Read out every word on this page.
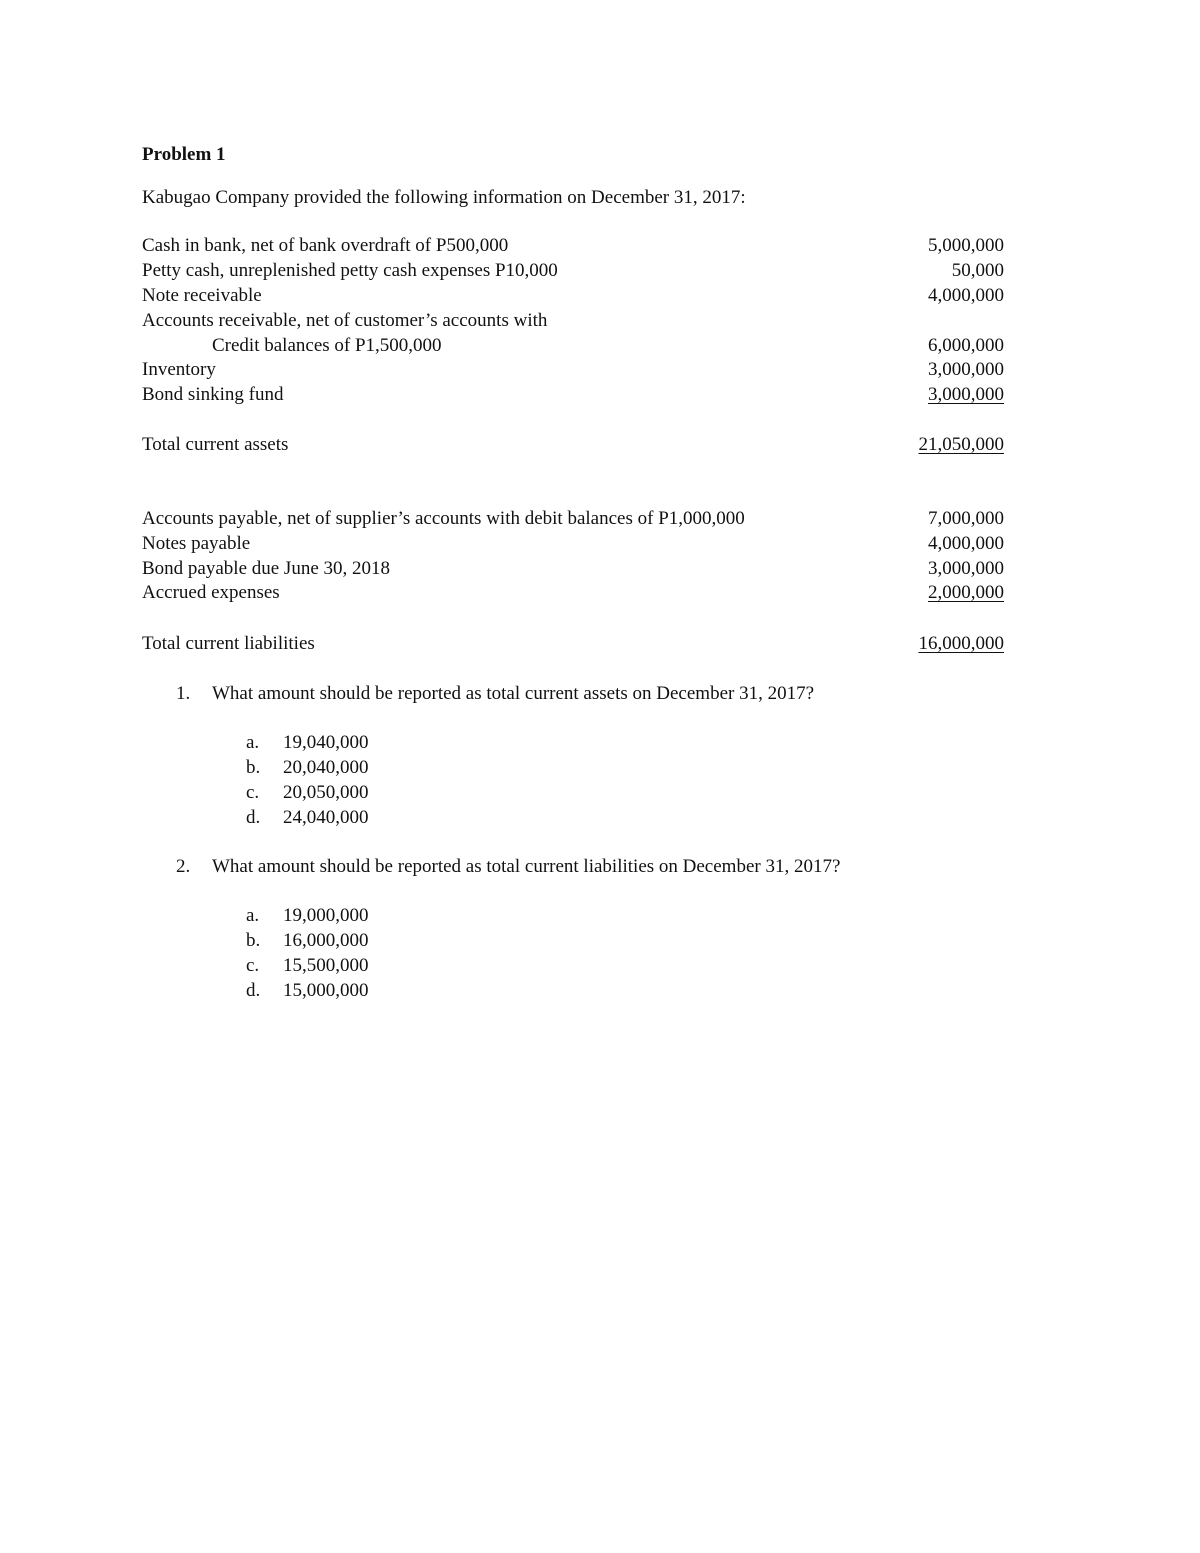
Problem 1
Kabugao Company provided the following information on December 31, 2017:
Cash in bank, net of bank overdraft of P500,000	5,000,000
Petty cash, unreplenished petty cash expenses P10,000	50,000
Note receivable	4,000,000
Accounts receivable, net of customer’s accounts with
Credit balances of P1,500,000	6,000,000
Inventory	3,000,000
Bond sinking fund	3,000,000
Total current assets	21,050,000
Accounts payable, net of supplier’s accounts with debit balances of P1,000,000	7,000,000
Notes payable	4,000,000
Bond payable due June 30, 2018	3,000,000
Accrued expenses	2,000,000
Total current liabilities	16,000,000
1. What amount should be reported as total current assets on December 31, 2017?
a. 19,040,000
b. 20,040,000
c. 20,050,000
d. 24,040,000
2. What amount should be reported as total current liabilities on December 31, 2017?
a. 19,000,000
b. 16,000,000
c. 15,500,000
d. 15,000,000
